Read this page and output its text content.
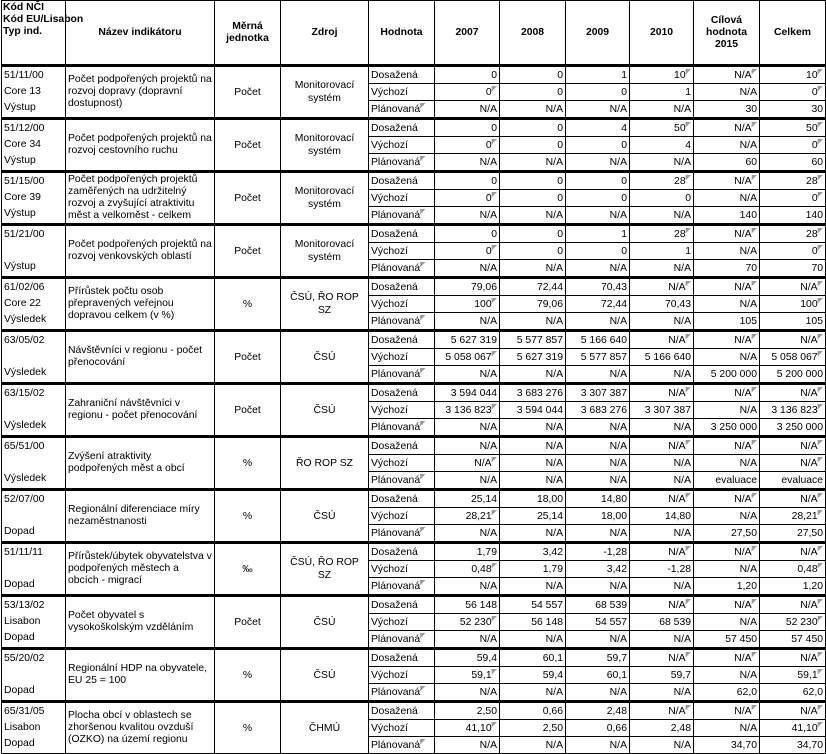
Kód NČI
Kód EU/Lisabon
Typ ind.	Název indikátoru	Měrná jednotka	Zdroj	Hodnota	2007	2008	2009	2010	Cílová hodnota 2015	Celkem

51/11/00
Core 13
Výstup	Počet podpořených projektů na rozvoj dopravy (dopravní dostupnost)	Počet	Monitorovací systém	Dosažená	0	0	1	10◤	N/A◤	10◤
				Výchozí	0◤	0	0	1	N/A	0◤
				Plánovaná◤	N/A	N/A	N/A	N/A	30	30

51/12/00
Core 34
Výstup	Počet podpořených projektů na rozvoj cestovního ruchu	Počet	Monitorovací systém	Dosažená	0	0	4	50◤	N/A◤	50◤
				Výchozí	0◤	0	0	4	N/A	0◤
				Plánovaná◤	N/A	N/A	N/A	N/A	60	60

51/15/00
Core 39
Výstup	Počet podpořených projektů zaměřených na udržitelný rozvoj a zvyšující atraktivitu měst a velkoměst - celkem	Počet	Monitorovací systém	Dosažená	0	0	0	28◤	N/A◤	28◤
				Výchozí	0◤	0	0	0	N/A	0◤
				Plánovaná◤	N/A	N/A	N/A	N/A	140	140

51/21/00
Výstup	Počet podpořených projektů na rozvoj venkovských oblastí	Počet	Monitorovací systém	Dosažená	0	0	1	28◤	N/A◤	28◤
				Výchozí	0◤	0	0	1	N/A	0◤
				Plánovaná◤	N/A	N/A	N/A	N/A	70	70

61/02/06
Core 22
Výsledek	Přírůstek počtu osob přepravených veřejnou dopravou celkem (v %)	%	ČSÚ, ŘO ROP SZ	Dosažená	79,06	72,44	70,43	N/A◤	N/A◤	N/A◤
				Výchozí	100◤	79,06	72,44	70,43	N/A	100◤
				Plánovaná◤	N/A	N/A	N/A	N/A	105	105

63/05/02
Výsledek	Návštěvníci v regionu - počet přenocování	Počet	ČSÚ	Dosažená	5 627 319	5 577 857	5 166 640	N/A◤	N/A◤	N/A◤
				Výchozí	5 058 067◤	5 627 319	5 577 857	5 166 640	N/A	5 058 067◤
				Plánovaná◤	N/A	N/A	N/A	N/A	5 200 000	5 200 000

63/15/02
Výsledek	Zahraniční návštěvníci v regionu - počet přenocování	Počet	ČSÚ	Dosažená	3 594 044	3 683 276	3 307 387	N/A◤	N/A◤	N/A◤
				Výchozí	3 136 823◤	3 594 044	3 683 276	3 307 387	N/A	3 136 823◤
				Plánovaná◤	N/A	N/A	N/A	N/A	3 250 000	3 250 000

65/51/00
Výsledek	Zvýšení atraktivity podpořených měst a obcí	%	ŘO ROP SZ	Dosažená	N/A	N/A	N/A	N/A◤	N/A◤	N/A◤
				Výchozí	N/A◤	N/A	N/A	N/A	N/A	N/A◤
				Plánovaná◤	N/A	N/A	N/A	N/A	evaluace	evaluace

52/07/00
Dopad	Regionální diferenciace míry nezaměstnanosti	%	ČSÚ	Dosažená	25,14	18,00	14,80	N/A◤	N/A◤	N/A◤
				Výchozí	28,21◤	25,14	18,00	14,80	N/A	28,21◤
				Plánovaná◤	N/A	N/A	N/A	N/A	27,50	27,50

51/11/11
Dopad	Přírůstek/úbytek obyvatelstva v podpořených městech a obcích - migrací	‰	ČSÚ, ŘO ROP SZ	Dosažená	1,79	3,42	-1,28	N/A◤	N/A◤	N/A◤
				Výchozí	0,48◤	1,79	3,42	-1,28	N/A	0,48◤
				Plánovaná◤	N/A	N/A	N/A	N/A	1,20	1,20

53/13/02
Lisabon
Dopad	Počet obyvatel s vysokoškolským vzděláním	Počet	ČSÚ	Dosažená	56 148	54 557	68 539	N/A◤	N/A◤	N/A◤
				Výchozí	52 230◤	56 148	54 557	68 539	N/A	52 230◤
				Plánovaná◤	N/A	N/A	N/A	N/A	57 450	57 450

55/20/02
Dopad	Regionální HDP na obyvatele, EU 25 = 100	%	ČSÚ	Dosažená	59,4	60,1	59,7	N/A◤	N/A◤	N/A◤
				Výchozí	59,1◤	59,4	60,1	59,7	N/A	59,1◤
				Plánovaná◤	N/A	N/A	N/A	N/A	62,0	62,0

65/31/05
Lisabon
Dopad	Plocha obcí v oblastech se zhoršenou kvalitou ovzduší (OZKO) na území regionu	%	ČHMÚ	Dosažená	2,50	0,66	2,48	N/A◤	N/A◤	N/A◤
				Výchozí	41,10◤	2,50	0,66	2,48	N/A	41,10◤
				Plánovaná◤	N/A	N/A	N/A	N/A	34,70	34,70
